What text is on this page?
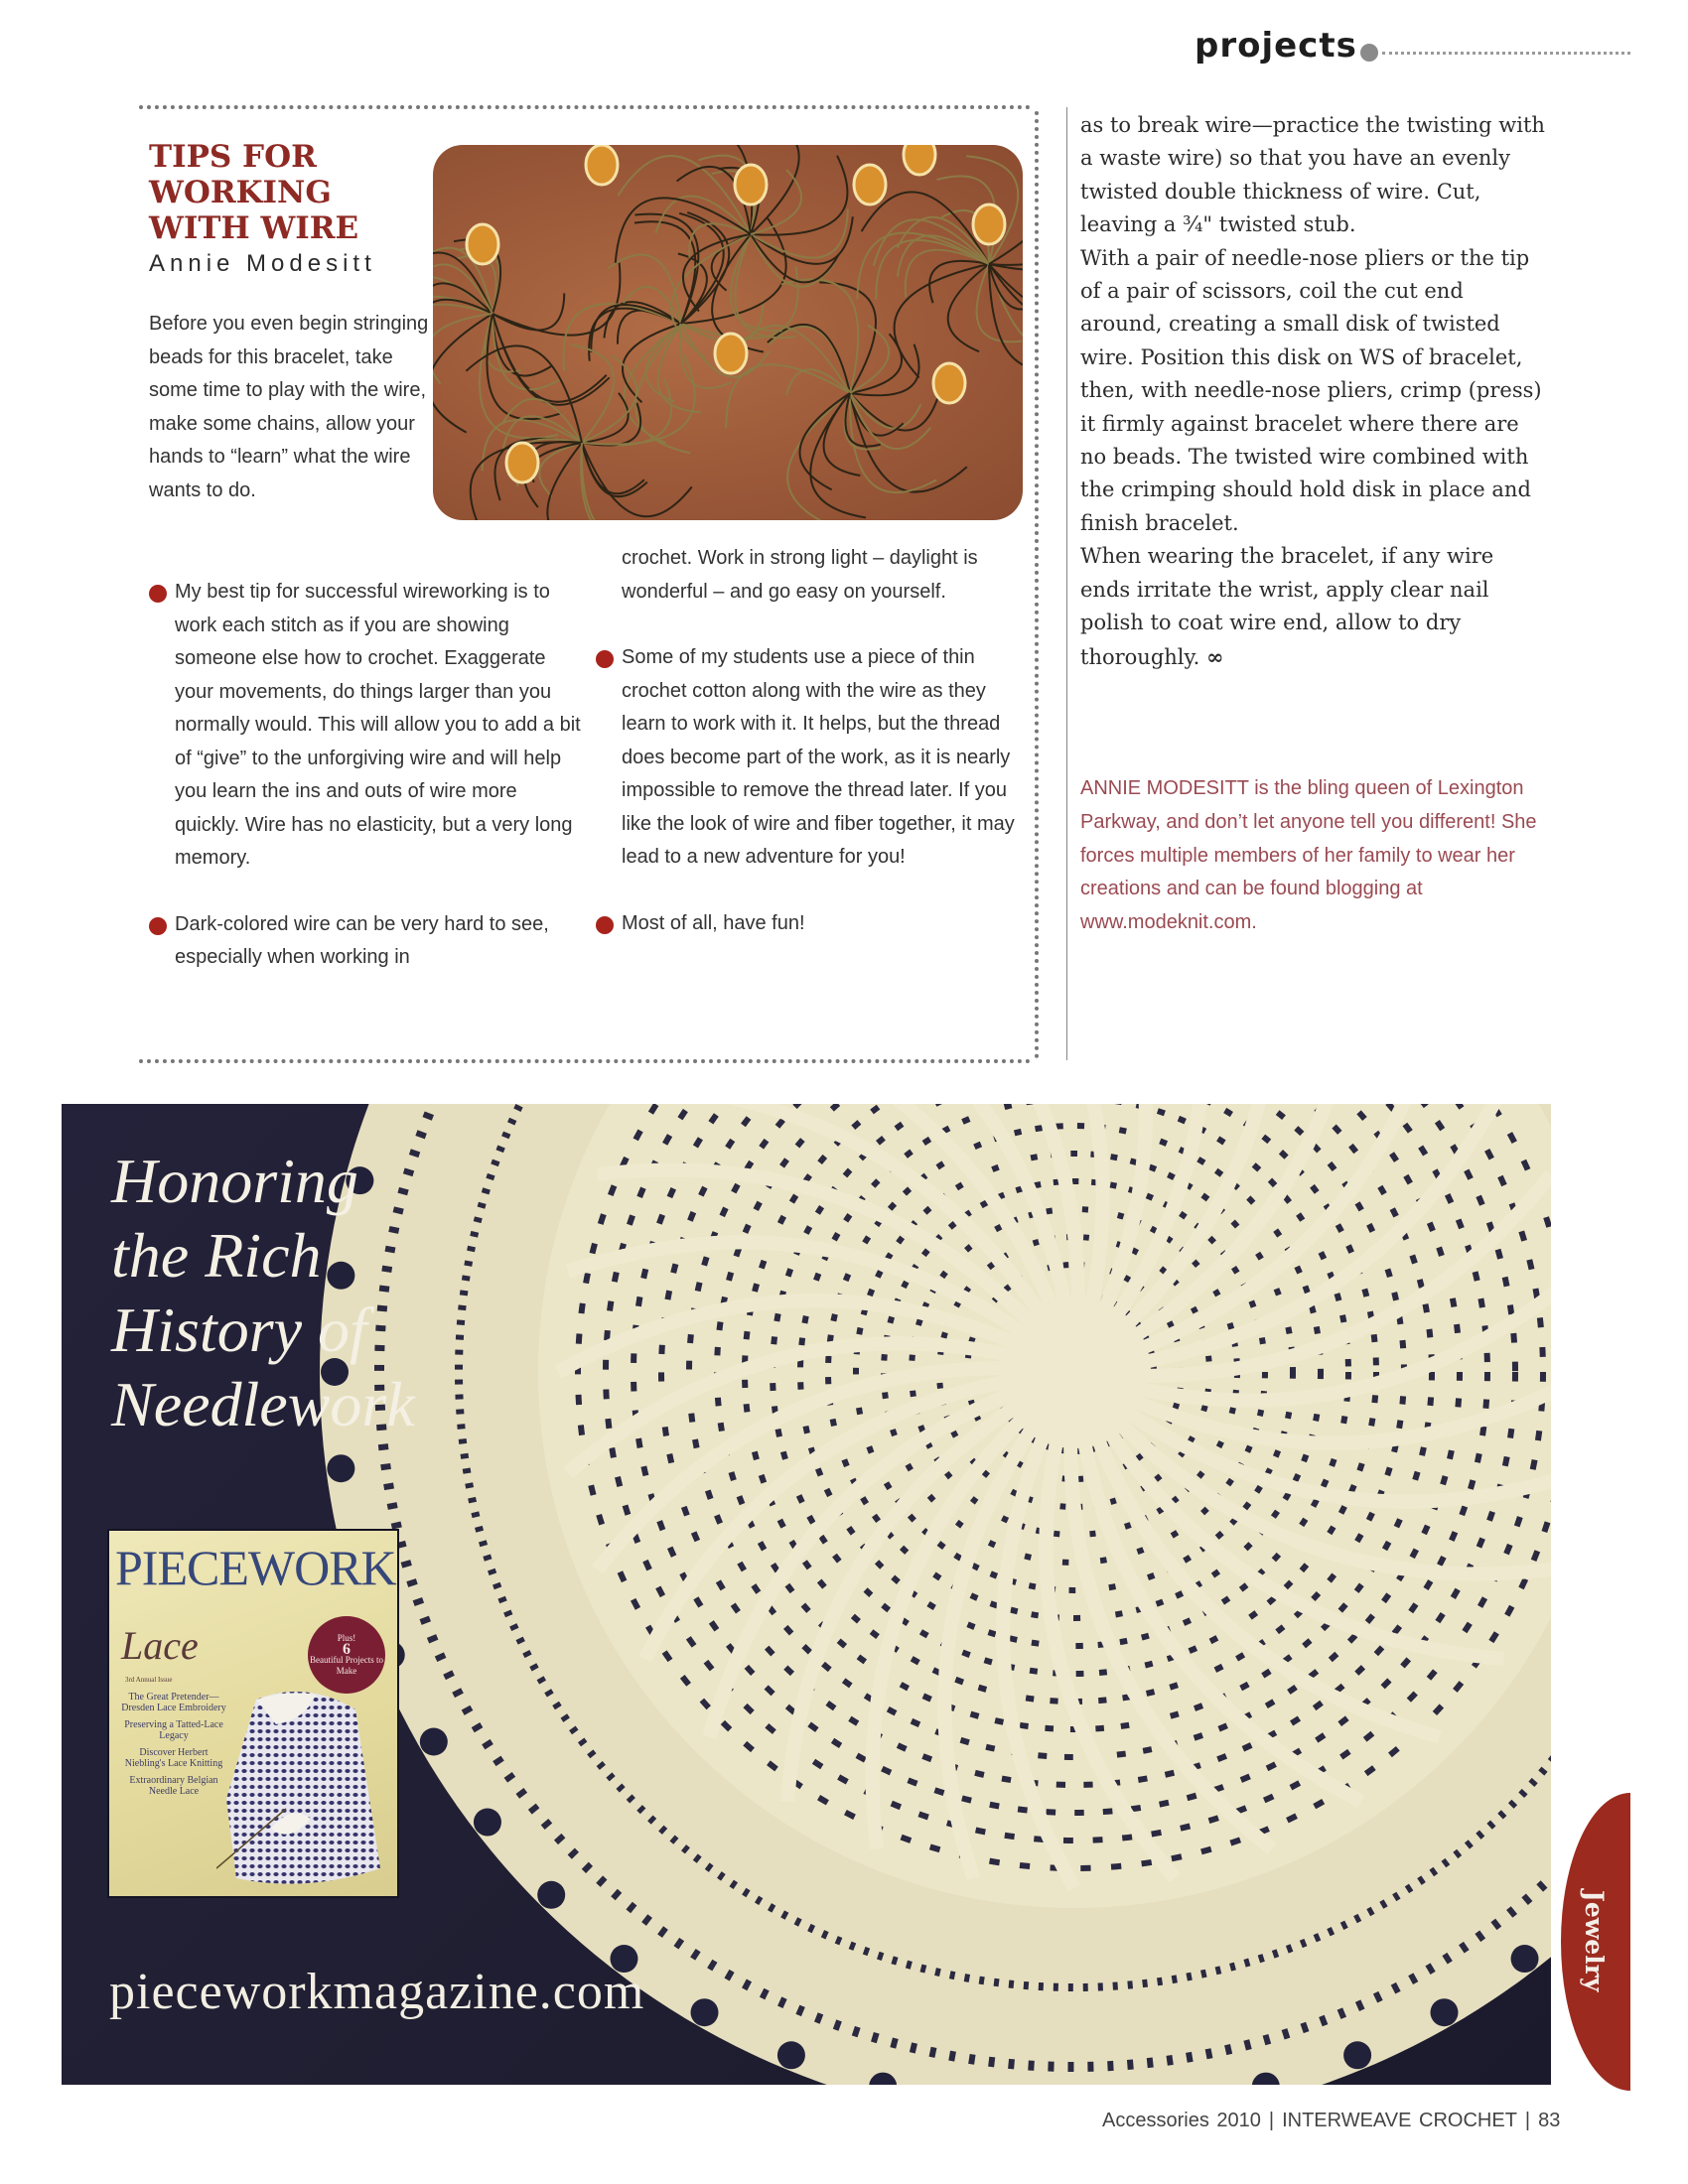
projects
TIPS FOR
WORKING
WITH WIRE
Annie Modesitt
Before you even begin stringing beads for this bracelet, take some time to play with the wire, make some chains, allow your hands to “learn” what the wire wants to do.
My best tip for successful wireworking is to work each stitch as if you are showing someone else how to crochet. Exaggerate your movements, do things larger than you normally would. This will allow you to add a bit of “give” to the unforgiving wire and will help you learn the ins and outs of wire more quickly. Wire has no elasticity, but a very long memory.
Dark-colored wire can be very hard to see, especially when working in
crochet. Work in strong light – daylight is wonderful – and go easy on yourself.
Some of my students use a piece of thin crochet cotton along with the wire as they learn to work with it. It helps, but the thread does become part of the work, as it is nearly impossible to remove the thread later. If you like the look of wire and fiber together, it may lead to a new adventure for you!
Most of all, have fun!

as to break wire—practice the twisting with a waste wire) so that you have an evenly twisted double thickness of wire. Cut, leaving a ¾" twisted stub.

With a pair of needle-nose pliers or the tip of a pair of scissors, coil the cut end around, creating a small disk of twisted wire. Position this disk on WS of bracelet, then, with needle-nose pliers, crimp (press) it firmly against bracelet where there are no beads. The twisted wire combined with the crimping should hold disk in place and finish bracelet.

When wearing the bracelet, if any wire ends irritate the wrist, apply clear nail polish to coat wire end, allow to dry thoroughly. ∞

ANNIE MODESITT is the bling queen of Lexington Parkway, and don’t let anyone tell you different! She forces multiple members of her family to wear her creations and can be found blogging at www.modeknit.com.
Honoring
the Rich
History of
Needlework
PIECEWORK
Lace
3rd Annual Issue
The Great Pretender— Dresden Lace Embroidery
Preserving a Tatted-Lace Legacy
Discover Herbert Niebling's Lace Knitting
Extraordinary Belgian Needle Lace
Plus!
6
Beautiful Projects to Make
pieceworkmagazine.com
Jewelry
Accessories 2010 | INTERWEAVE CROCHET | 83
